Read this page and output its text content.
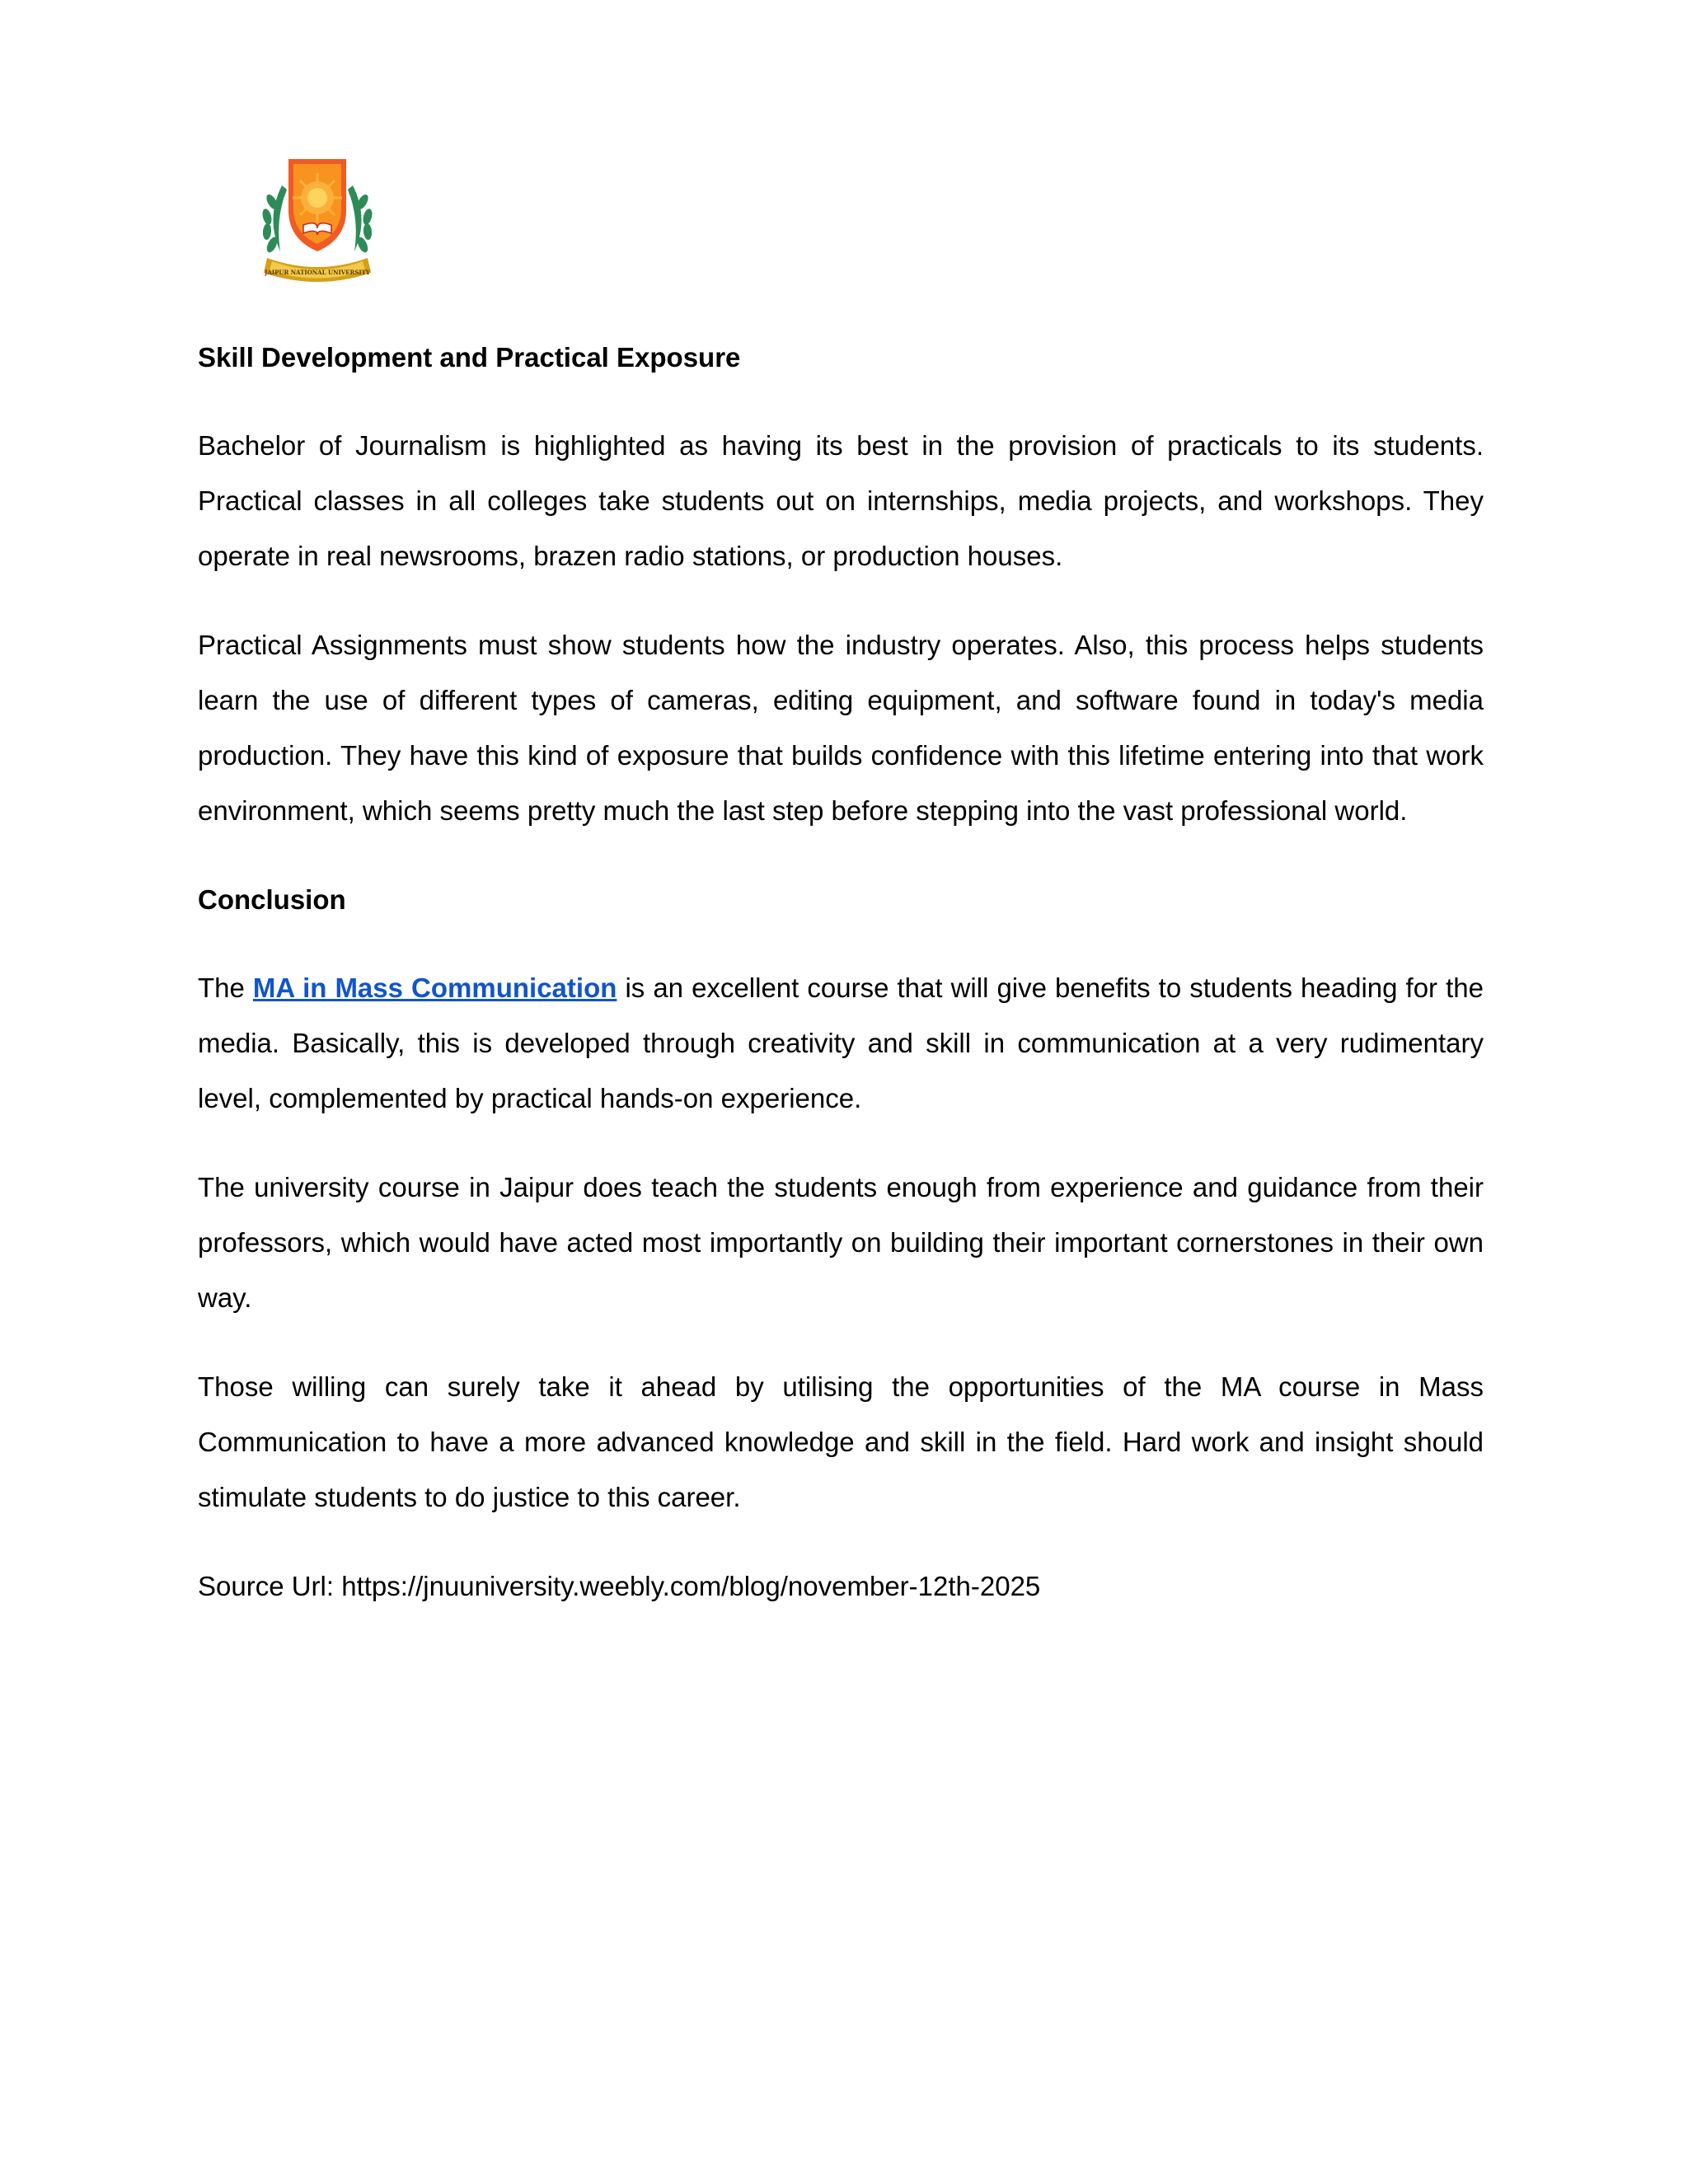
JAIPUR NATIONAL UNIVERSITY

Skill Development and Practical Exposure

Bachelor of Journalism is highlighted as having its best in the provision of practicals to its students. Practical classes in all colleges take students out on internships, media projects, and workshops. They operate in real newsrooms, brazen radio stations, or production houses.

Practical Assignments must show students how the industry operates. Also, this process helps students learn the use of different types of cameras, editing equipment, and software found in today's media production. They have this kind of exposure that builds confidence with this lifetime entering into that work environment, which seems pretty much the last step before stepping into the vast professional world.

Conclusion

The MA in Mass Communication is an excellent course that will give benefits to students heading for the media. Basically, this is developed through creativity and skill in communication at a very rudimentary level, complemented by practical hands-on experience.

The university course in Jaipur does teach the students enough from experience and guidance from their professors, which would have acted most importantly on building their important cornerstones in their own way.

Those willing can surely take it ahead by utilising the opportunities of the MA course in Mass Communication to have a more advanced knowledge and skill in the field. Hard work and insight should stimulate students to do justice to this career.

Source Url: https://jnuuniversity.weebly.com/blog/november-12th-2025
